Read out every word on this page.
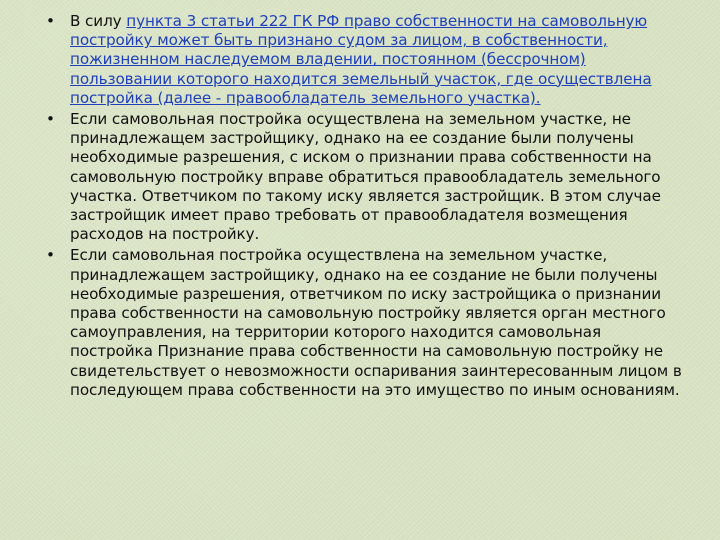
• В силу пункта 3 статьи 222 ГК РФ право собственности на самовольную постройку может быть признано судом за лицом, в собственности, пожизненном наследуемом владении, постоянном (бессрочном) пользовании которого находится земельный участок, где осуществлена постройка (далее - правообладатель земельного участка).
• Если самовольная постройка осуществлена на земельном участке, не принадлежащем застройщику, однако на ее создание были получены необходимые разрешения, с иском о признании права собственности на самовольную постройку вправе обратиться правообладатель земельного участка. Ответчиком по такому иску является застройщик. В этом случае застройщик имеет право требовать от правообладателя возмещения расходов на постройку.
• Если самовольная постройка осуществлена на земельном участке, принадлежащем застройщику, однако на ее создание не были получены необходимые разрешения, ответчиком по иску застройщика о признании права собственности на самовольную постройку является орган местного самоуправления, на территории которого находится самовольная постройка Признание права собственности на самовольную постройку не свидетельствует о невозможности оспаривания заинтересованным лицом в последующем права собственности на это имущество по иным основаниям.
